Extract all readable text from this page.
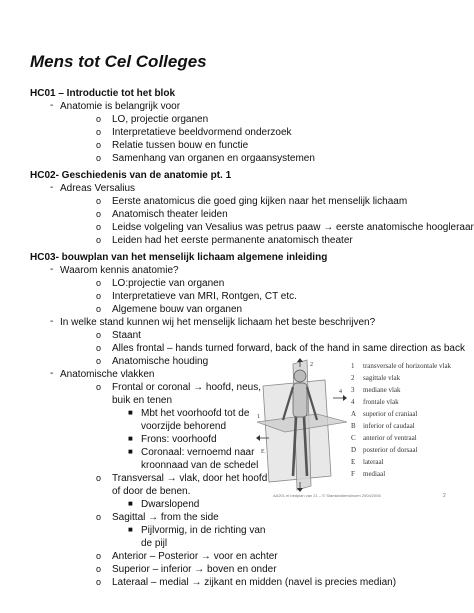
Mens tot Cel Colleges
HC01 – Introductie tot het blok
- Anatomie is belangrijk voor
o LO, projectie organen
o Interpretatieve beeldvormend onderzoek
o Relatie tussen bouw en functie
o Samenhang van organen en orgaansystemen
HC02- Geschiedenis van de anatomie pt. 1
- Adreas Versalius
o Eerste anatomicus die goed ging kijken naar het menselijk lichaam
o Anatomisch theater leiden
o Leidse volgeling van Vesalius was petrus paaw → eerste anatomische hoogleraar
o Leiden had het eerste permanente anatomisch theater
HC03- bouwplan van het menselijk lichaam algemene inleiding
- Waarom kennis anatomie?
o LO:projectie van organen
o Interpretatieve van MRI, Rontgen, CT etc.
o Algemene bouw van organen
- In welke stand kunnen wij het menselijk lichaam het beste beschrijven?
o Staant
o Alles frontal – hands turned forward, back of the hand in same direction as back
o Anatomische houding
- Anatomische vlakken
o Frontal or coronal → hoofd, neus,
buik en tenen
■ Mbt het voorhoofd tot de
voorzijde behorend
■ Frons: voorhoofd
■ Coronaal: vernoemd naar
kroonnaad van de schedel
o Transversal → vlak, door het hoofd
of door de benen.
■ Dwarslopend
o Sagittal → from the side
■ Pijlvormig, in de richting van
de pijl
o Anterior – Posterior → voor en achter
o Superior – inferior → boven en onder
o Lateraal – medial → zijkant en midden (navel is precies median)
E
4
1
2	1 transversale of horizontale vlak
2 sagittale vlak
3 mediane vlak
4 frontale vlak
A superior of craniaal
B inferior of caudaal
C anterior of ventraal
D posterior of dorsaal
E lateraal
F mediaal
AA201 el bedplan van 21 – © Stamlandiensbroen 2004/2006	2
